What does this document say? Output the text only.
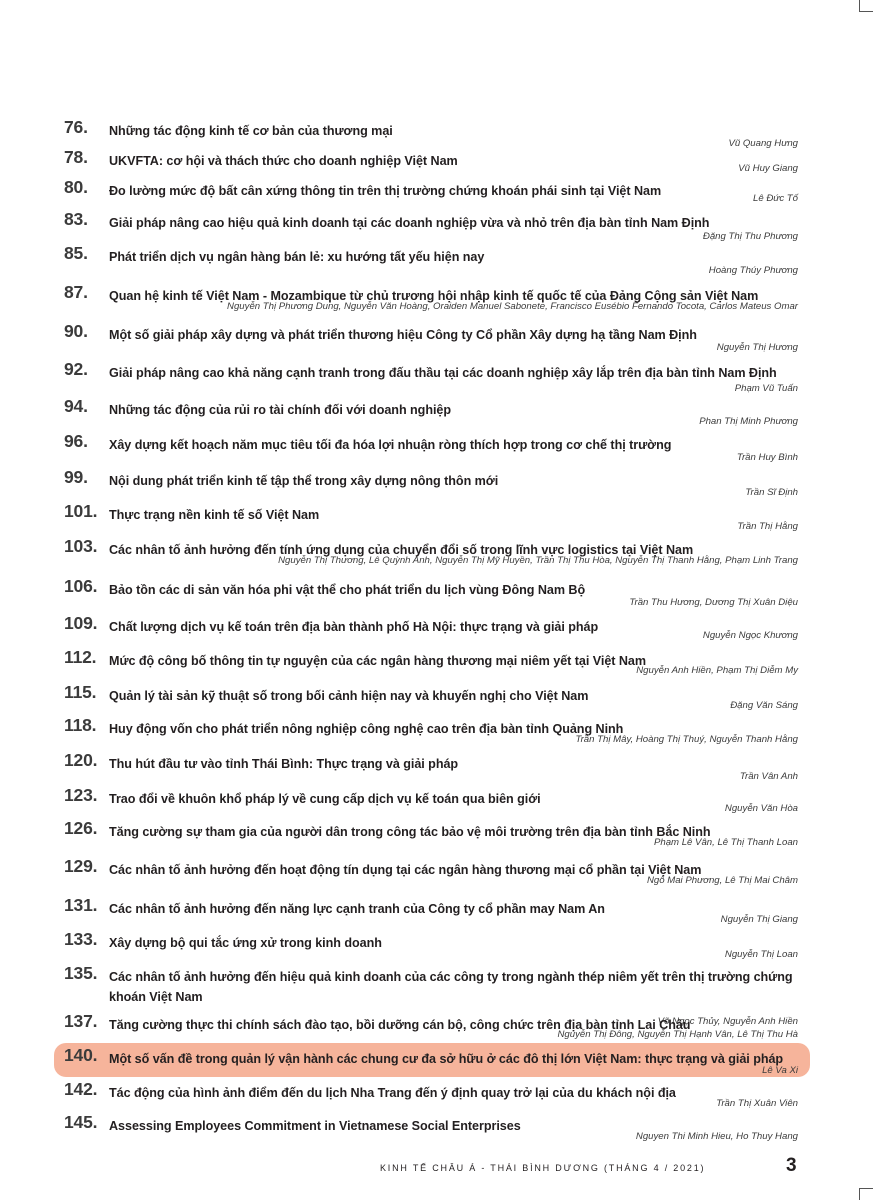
76. Những tác động kinh tế cơ bản của thương mại
Vũ Quang Hưng
78. UKVFTA: cơ hội và thách thức cho doanh nghiệp Việt Nam
Vũ Huy Giang
80. Đo lường mức độ bất cân xứng thông tin trên thị trường chứng khoán phái sinh tại Việt Nam
Lê Đức Tố
83. Giải pháp nâng cao hiệu quả kinh doanh tại các doanh nghiệp vừa và nhỏ trên địa bàn tỉnh Nam Định
Đặng Thị Thu Phương
85. Phát triển dịch vụ ngân hàng bán lẻ: xu hướng tất yếu hiện nay
Hoàng Thúy Phương
87. Quan hệ kinh tế Việt Nam - Mozambique từ chủ trương hội nhập kinh tế quốc tế của Đảng Cộng sản Việt Nam
Nguyễn Thị Phương Dung, Nguyễn Văn Hoàng, Oraiden Manuel Sabonete, Francisco Eusébio Fernando Tocota, Carlos Mateus Omar
90. Một số giải pháp xây dựng và phát triển thương hiệu Công ty Cổ phần Xây dựng hạ tầng Nam Định
Nguyễn Thị Hương
92. Giải pháp nâng cao khả năng cạnh tranh trong đấu thầu tại các doanh nghiệp xây lắp trên địa bàn tỉnh Nam Định
Phạm Vũ Tuấn
94. Những tác động của rủi ro tài chính đối với doanh nghiệp
Phan Thị Minh Phương
96. Xây dựng kết hoạch năm mục tiêu tối đa hóa lợi nhuận ròng thích hợp trong cơ chế thị trường
Trần Huy Bình
99. Nội dung phát triển kinh tế tập thể trong xây dựng nông thôn mới
Trần Sĩ Định
101. Thực trạng nền kinh tế số Việt Nam
Trần Thị Hằng
103. Các nhân tố ảnh hưởng đến tính ứng dụng của chuyển đổi số trong lĩnh vực logistics tại Việt Nam
Nguyễn Thị Thương, Lê Quỳnh Anh, Nguyễn Thị Mỹ Huyền, Trần Thị Thu Hòa, Nguyễn Thị Thanh Hằng, Phạm Linh Trang
106. Bảo tồn các di sản văn hóa phi vật thể cho phát triển du lịch vùng Đông Nam Bộ
Trần Thu Hương, Dương Thị Xuân Diệu
109. Chất lượng dịch vụ kế toán trên địa bàn thành phố Hà Nội: thực trạng và giải pháp
Nguyễn Ngọc Khương
112. Mức độ công bố thông tin tự nguyện của các ngân hàng thương mại niêm yết tại Việt Nam
Nguyễn Anh Hiền, Phạm Thị Diễm My
115. Quản lý tài sản kỹ thuật số trong bối cảnh hiện nay và khuyến nghị cho Việt Nam
Đặng Văn Sáng
118. Huy động vốn cho phát triển nông nghiệp công nghệ cao trên địa bàn tỉnh Quảng Ninh
Trần Thị Mây, Hoàng Thị Thuý, Nguyễn Thanh Hằng
120. Thu hút đầu tư vào tỉnh Thái Bình: Thực trạng và giải pháp
Trần Vân Anh
123. Trao đổi về khuôn khổ pháp lý về cung cấp dịch vụ kế toán qua biên giới
Nguyễn Văn Hòa
126. Tăng cường sự tham gia của người dân trong công tác bảo vệ môi trường trên địa bàn tỉnh Bắc Ninh
Phạm Lê Vân, Lê Thị Thanh Loan
129. Các nhân tố ảnh hưởng đến hoạt động tín dụng tại các ngân hàng thương mại cổ phần tại Việt Nam
Ngô Mai Phương, Lê Thị Mai Châm
131. Các nhân tố ảnh hưởng đến năng lực cạnh tranh của Công ty cổ phần may Nam An
Nguyễn Thị Giang
133. Xây dựng bộ qui tắc ứng xử trong kinh doanh
Nguyễn Thị Loan
135. Các nhân tố ảnh hưởng đến hiệu quả kinh doanh của các công ty trong ngành thép niêm yết trên thị trường chứng khoán Việt Nam
Võ Ngọc Thủy, Nguyễn Anh Hiền
137. Tăng cường thực thi chính sách đào tạo, bồi dưỡng cán bộ, công chức trên địa bàn tỉnh Lai Châu
Nguyễn Thị Đông, Nguyễn Thị Hạnh Vân, Lê Thị Thu Hà
140. Một số vấn đề trong quản lý vận hành các chung cư đa sở hữu ở các đô thị lớn Việt Nam: thực trạng và giải pháp
Lê Va Xi
142. Tác động của hình ảnh điểm đến du lịch Nha Trang đến ý định quay trở lại của du khách nội địa
Trần Thị Xuân Viên
145. Assessing Employees Commitment in Vietnamese Social Enterprises
Nguyen Thi Minh Hieu, Ho Thuy Hang
KINH TẾ CHÂU Á - THÁI BÌNH DƯƠNG (THÁNG 4 / 2021)	3
